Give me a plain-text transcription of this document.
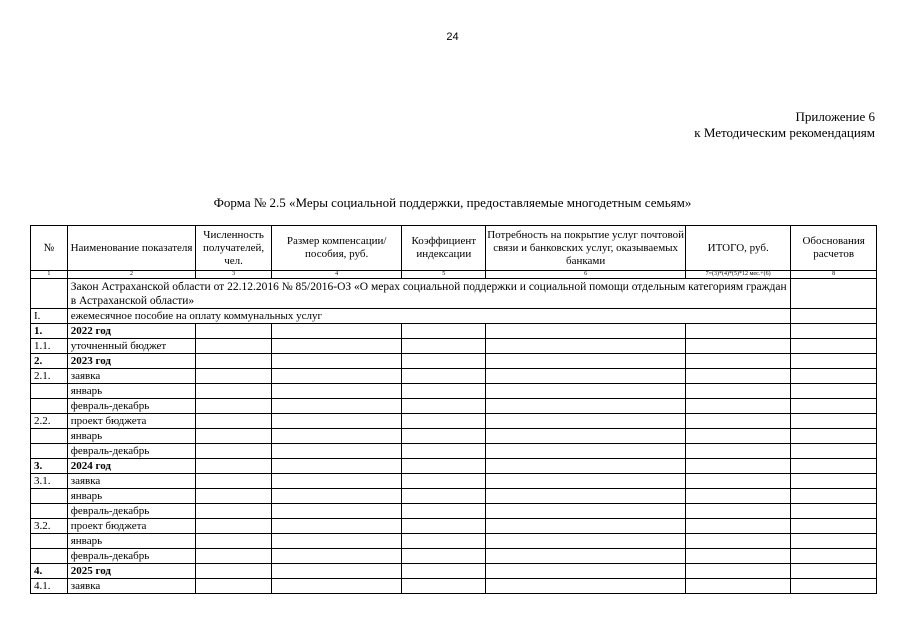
24
Приложение 6
к Методическим рекомендациям
Форма № 2.5 «Меры социальной поддержки, предоставляемые многодетным семьям»
№	Наименование показателя	Численность получателей, чел.	Размер компенсации/пособия, руб.	Коэффициент индексации	Потребность на покрытие услуг почтовой связи и банковских услуг, оказываемых банками	ИТОГО, руб.	Обоснования расчетов
1	2	3	4	5	6	7=(3)*(4)*(5)*12 мес.+(6)	8
	Закон Астраханской области от 22.12.2016 № 85/2016-ОЗ «О мерах социальной поддержки и социальной помощи отдельным категориям граждан в Астраханской области»						
I.	ежемесячное пособие на оплату коммунальных услуг						
1.	2022 год						
1.1.	уточненный бюджет						
2.	2023 год						
2.1.	заявка						
	январь						
	февраль-декабрь						
2.2.	проект бюджета						
	январь						
	февраль-декабрь						
3.	2024 год						
3.1.	заявка						
	январь						
	февраль-декабрь						
3.2.	проект бюджета						
	январь						
	февраль-декабрь						
4.	2025 год						
4.1.	заявка						
